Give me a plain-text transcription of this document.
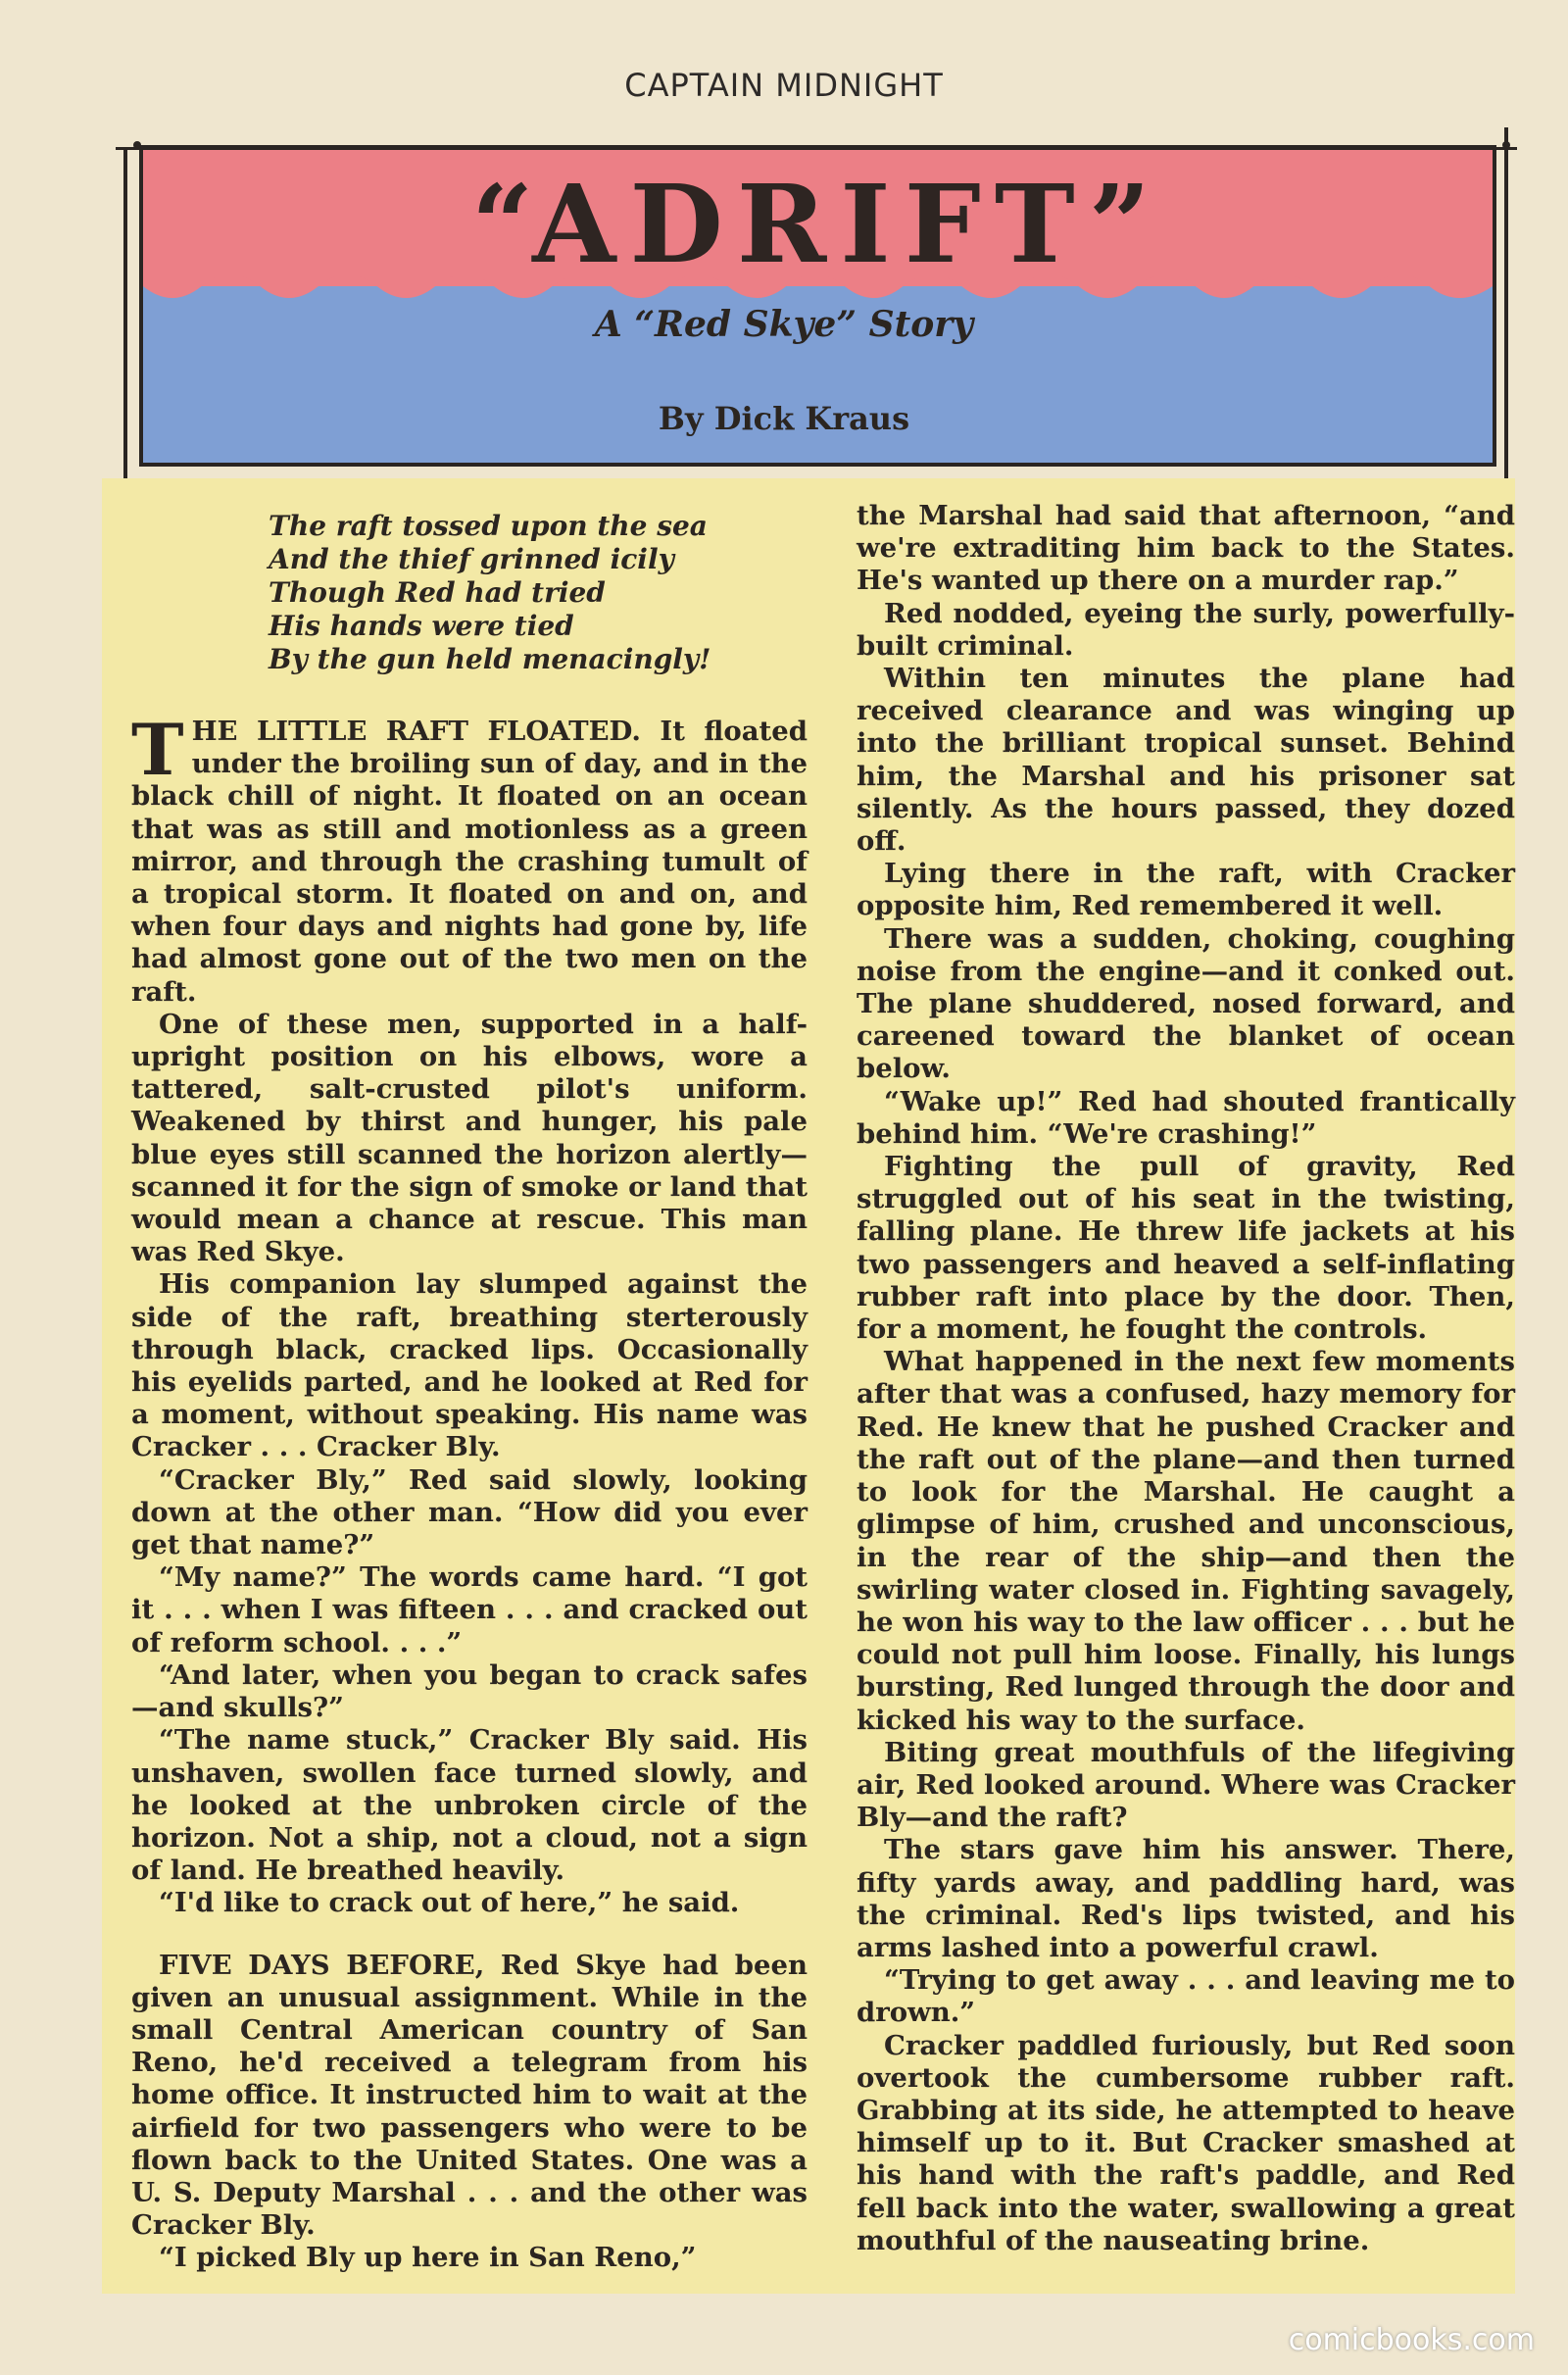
CAPTAIN MIDNIGHT
“ADRIFT”
A “Red Skye” Story
By Dick Kraus
The raft tossed upon the sea
And the thief grinned icily
Though Red had tried
His hands were tied
By the gun held menacingly!

THE LITTLE RAFT FLOATED. It floated under the broiling sun of day, and in the black chill of night. It floated on an ocean that was as still and motionless as a green mirror, and through the crashing tumult of a tropical storm. It floated on and on, and when four days and nights had gone by, life had almost gone out of the two men on the raft.

One of these men, supported in a half-upright position on his elbows, wore a tattered, salt-crusted pilot's uniform. Weakened by thirst and hunger, his pale blue eyes still scanned the horizon alertly—scanned it for the sign of smoke or land that would mean a chance at rescue. This man was Red Skye.

His companion lay slumped against the side of the raft, breathing sterterously through black, cracked lips. Occasionally his eyelids parted, and he looked at Red for a moment, without speaking. His name was Cracker . . . Cracker Bly.

“Cracker Bly,” Red said slowly, looking down at the other man. “How did you ever get that name?”

“My name?” The words came hard. “I got it . . . when I was fifteen . . . and cracked out of reform school. . . .”

“And later, when you began to crack safes—and skulls?”

“The name stuck,” Cracker Bly said. His unshaven, swollen face turned slowly, and he looked at the unbroken circle of the horizon. Not a ship, not a cloud, not a sign of land. He breathed heavily.

“I'd like to crack out of here,” he said.

FIVE DAYS BEFORE, Red Skye had been given an unusual assignment. While in the small Central American country of San Reno, he'd received a telegram from his home office. It instructed him to wait at the airfield for two passengers who were to be flown back to the United States. One was a U. S. Deputy Marshal . . . and the other was Cracker Bly.

“I picked Bly up here in San Reno,”

the Marshal had said that afternoon, “and we're extraditing him back to the States. He's wanted up there on a murder rap.”

Red nodded, eyeing the surly, powerfully-built criminal.

Within ten minutes the plane had received clearance and was winging up into the brilliant tropical sunset. Behind him, the Marshal and his prisoner sat silently. As the hours passed, they dozed off.

Lying there in the raft, with Cracker opposite him, Red remembered it well.

There was a sudden, choking, coughing noise from the engine—and it conked out. The plane shuddered, nosed forward, and careened toward the blanket of ocean below.

“Wake up!” Red had shouted frantically behind him. “We're crashing!”

Fighting the pull of gravity, Red struggled out of his seat in the twisting, falling plane. He threw life jackets at his two passengers and heaved a self-inflating rubber raft into place by the door. Then, for a moment, he fought the controls.

What happened in the next few moments after that was a confused, hazy memory for Red. He knew that he pushed Cracker and the raft out of the plane—and then turned to look for the Marshal. He caught a glimpse of him, crushed and unconscious, in the rear of the ship—and then the swirling water closed in. Fighting savagely, he won his way to the law officer . . . but he could not pull him loose. Finally, his lungs bursting, Red lunged through the door and kicked his way to the surface.

Biting great mouthfuls of the lifegiving air, Red looked around. Where was Cracker Bly—and the raft?

The stars gave him his answer. There, fifty yards away, and paddling hard, was the criminal. Red's lips twisted, and his arms lashed into a powerful crawl.

“Trying to get away . . . and leaving me to drown.”

Cracker paddled furiously, but Red soon overtook the cumbersome rubber raft. Grabbing at its side, he attempted to heave himself up to it. But Cracker smashed at his hand with the raft's paddle, and Red fell back into the water, swallowing a great mouthful of the nauseating brine.

comicbooks.com
